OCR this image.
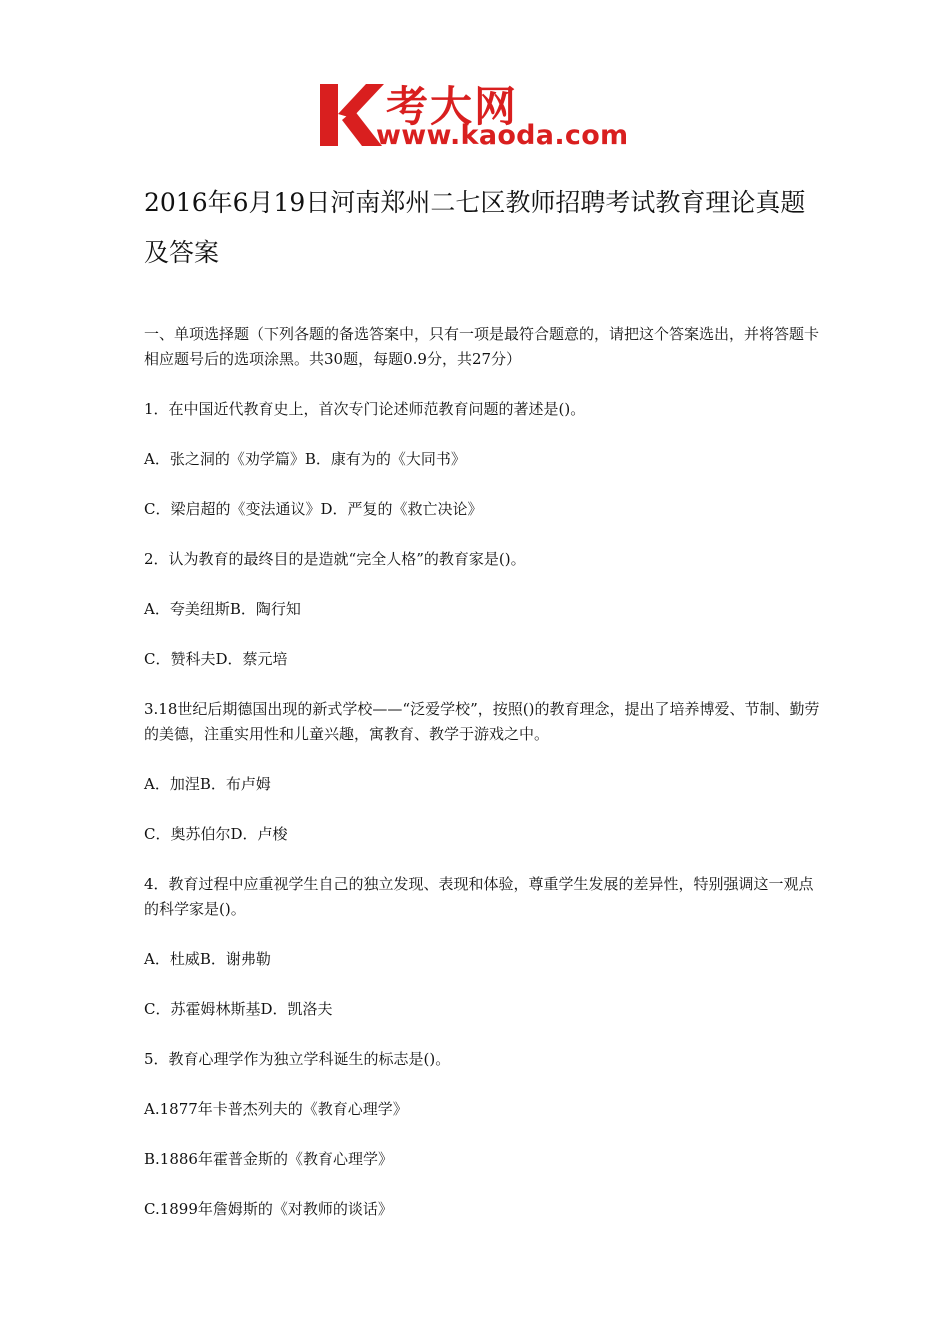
考大网
www.kaoda.com
2016年6月19日河南郑州二七区教师招聘考试教育理论真题及答案

一、单项选择题（下列各题的备选答案中，只有一项是最符合题意的，请把这个答案选出，并将答题卡相应题号后的选项涂黑。共30题，每题0.9分，共27分）

1．在中国近代教育史上，首次专门论述师范教育问题的著述是()。

A．张之洞的《劝学篇》B．康有为的《大同书》

C．梁启超的《变法通议》D．严复的《救亡决论》

2．认为教育的最终目的是造就“完全人格”的教育家是()。

A．夸美纽斯B．陶行知

C．赞科夫D．蔡元培

3.18世纪后期德国出现的新式学校——“泛爱学校”，按照()的教育理念，提出了培养博爱、节制、勤劳的美德，注重实用性和儿童兴趣，寓教育、教学于游戏之中。

A．加涅B．布卢姆

C．奥苏伯尔D．卢梭

4．教育过程中应重视学生自己的独立发现、表现和体验，尊重学生发展的差异性，特别强调这一观点的科学家是()。

A．杜威B．谢弗勒

C．苏霍姆林斯基D．凯洛夫

5．教育心理学作为独立学科诞生的标志是()。

A.1877年卡普杰列夫的《教育心理学》

B.1886年霍普金斯的《教育心理学》

C.1899年詹姆斯的《对教师的谈话》
